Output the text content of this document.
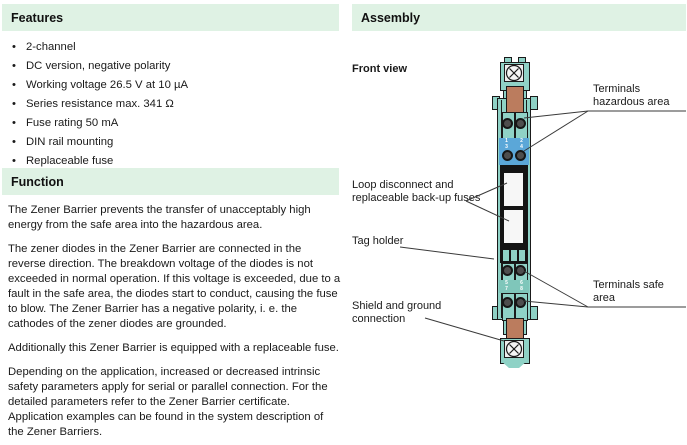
Features
• 2-channel
• DC version, negative polarity
• Working voltage 26.5 V at 10 µA
• Series resistance max. 341 Ω
• Fuse rating 50 mA
• DIN rail mounting
• Replaceable fuse
Function

The Zener Barrier prevents the transfer of unacceptably high energy from the safe area into the hazardous area.

The zener diodes in the Zener Barrier are connected in the reverse direction. The breakdown voltage of the diodes is not exceeded in normal operation. If this voltage is exceeded, due to a fault in the safe area, the diodes start to conduct, causing the fuse to blow. The Zener Barrier has a negative polarity, i. e. the cathodes of the zener diodes are grounded.

Additionally this Zener Barrier is equipped with a replaceable fuse.

Depending on the application, increased or decreased intrinsic safety parameters apply for serial or parallel connection. For the detailed parameters refer to the Zener Barrier certificate. Application examples can be found in the system description of the Zener Barriers.

Assembly
Front view
Terminals hazardous area
Loop disconnect and replaceable back-up fuses
Tag holder
Shield and ground connection
Terminals safe area
1
3
2
4
5
7
6
8
